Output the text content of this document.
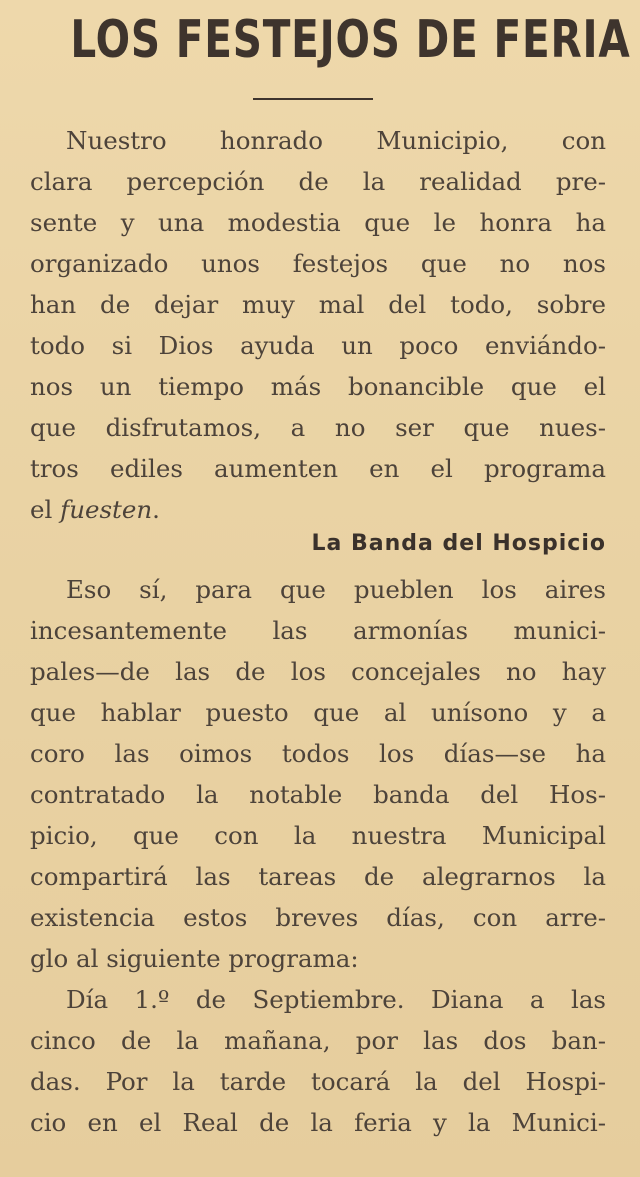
LOS FESTEJOS DE FERIA
Nuestro honrado Municipio, con
clara percepción de la realidad pre-
sente y una modestia que le honra ha
organizado unos festejos que no nos
han de dejar muy mal del todo, sobre
todo si Dios ayuda un poco enviándo-
nos un tiempo más bonancible que el
que disfrutamos, a no ser que nues-
tros ediles aumenten en el programa
el fuesten.
La Banda del Hospicio
Eso sí, para que pueblen los aires
incesantemente las armonías munici-
pales—de las de los concejales no hay
que hablar puesto que al unísono y a
coro las oimos todos los días—se ha
contratado la notable banda del Hos-
picio, que con la nuestra Municipal
compartirá las tareas de alegrarnos la
existencia estos breves días, con arre-
glo al siguiente programa:
Día 1.º de Septiembre. Diana a las
cinco de la mañana, por las dos ban-
das. Por la tarde tocará la del Hospi-
cio en el Real de la feria y la Munici-
